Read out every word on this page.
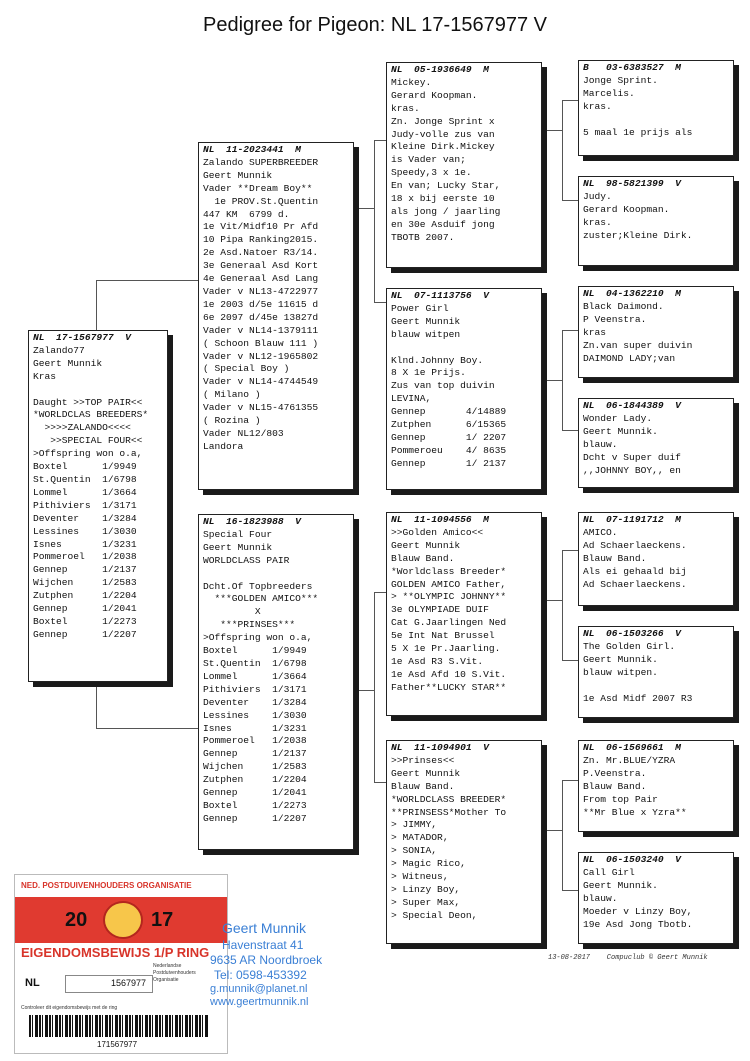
Pedigree for Pigeon: NL 17-1567977 V
NL  17-1567977  V
Zalando77
Geert Munnik
Kras

Daught >>TOP PAIR<<
*WORLDCLAS BREEDERS*
>>>>ZALANDO<<<<
>>SPECIAL FOUR<<
>Offspring won o.a,
Boxtel      1/9949
St.Quentin  1/6798
Lommel      1/3664
Pithiviers  1/3171
Deventer    1/3284
Lessines    1/3030
Isnes       1/3231
Pommeroel   1/2038
Gennep      1/2137
Wijchen     1/2583
Zutphen     1/2204
Gennep      1/2041
Boxtel      1/2273
Gennep      1/2207
NL  11-2023441  M
Zalando SUPERBREEDER
Geert Munnik
Vader **Dream Boy**
1e PROV.St.Quentin
447 KM  6799 d.
1e Vit/Midf10 Pr Afd
10 Pipa Ranking2015.
2e Asd.Natoer R3/14.
3e Generaal Asd Kort
4e Generaal Asd Lang
Vader v NL13-4722977
1e 2003 d/5e 11615 d
6e 2097 d/45e 13827d
Vader v NL14-1379111
( Schoon Blauw 111 )
Vader v NL12-1965802
( Special Boy )
Vader v NL14-4744549
( Milano )
Vader v NL15-4761355
( Rozina )
Vader NL12/803
Landora
NL  16-1823988  V
Special Four
Geert Munnik
WORLDCLASS PAIR

Dcht.Of Topbreeders
***GOLDEN AMICO***
X
***PRINSES***
>Offspring won o.a,
Boxtel      1/9949
St.Quentin  1/6798
Lommel      1/3664
Pithiviers  1/3171
Deventer    1/3284
Lessines    1/3030
Isnes       1/3231
Pommeroel   1/2038
Gennep      1/2137
Wijchen     1/2583
Zutphen     1/2204
Gennep      1/2041
Boxtel      1/2273
Gennep      1/2207
NL  05-1936649  M
Mickey.
Gerard Koopman.
kras.
Zn. Jonge Sprint x
Judy-volle zus van
Kleine Dirk.Mickey
is Vader van;
Speedy,3 x 1e.
En van; Lucky Star,
18 x bij eerste 10
als jong / jaarling
en 30e Asduif jong
TBOTB 2007.
NL  07-1113756  V
Power Girl
Geert Munnik
blauw witpen

Klnd.Johnny Boy.
8 X 1e Prijs.
Zus van top duivin
LEVINA,
Gennep       4/14889
Zutphen      6/15365
Gennep       1/ 2207
Pommeroeu    4/ 8635
Gennep       1/ 2137
NL  11-1094556  M
>>Golden Amico<<
Geert Munnik
Blauw Band.
*Worldclass Breeder*
GOLDEN AMICO Father,
> **OLYMPIC JOHNNY**
3e OLYMPIADE DUIF
Cat G.Jaarlingen Ned
5e Int Nat Brussel
5 X 1e Pr.Jaarling.
1e Asd R3 S.Vit.
1e Asd Afd 10 S.Vit.
Father**LUCKY STAR**
NL  11-1094901  V
>>Prinses<<
Geert Munnik
Blauw Band.
*WORLDCLASS BREEDER*
**PRINSESS*Mother To
> JIMMY,
> MATADOR,
> SONIA,
> Magic Rico,
> Witneus,
> Linzy Boy,
> Super Max,
> Special Deon,
B   03-6383527  M
Jonge Sprint.
Marcelis.
kras.

5 maal 1e prijs als
NL  98-5821399  V
Judy.
Gerard Koopman.
kras.
zuster;Kleine Dirk.
NL  04-1362210  M
Black Daimond.
P Veenstra.
kras
Zn.van super duivin
DAIMOND LADY;van
NL  06-1844389  V
Wonder Lady.
Geert Munnik.
blauw.
Dcht v Super duif
,,JOHNNY BOY,, en
NL  07-1191712  M
AMICO.
Ad Schaerlaeckens.
Blauw Band.
Als ei gehaald bij
Ad Schaerlaeckens.
NL  06-1503266  V
The Golden Girl.
Geert Munnik.
blauw witpen.

1e Asd Midf 2007 R3
NL  06-1569661  M
Zn. Mr.BLUE/YZRA
P.Veenstra.
Blauw Band.
From top Pair
**Mr Blue x Yzra**
NL  06-1503240  V
Call Girl
Geert Munnik.
blauw.
Moeder v Linzy Boy,
19e Asd Jong Tbotb.
13-08-2017    Compuclub © Geert Munnik
NED. POSTDUIVENHOUDERS ORGANISATIE
20	17
EIGENDOMSBEWIJS 1/P RING
NL	1567977
Nederlandse
Postduivenhouders
Organisatie
Controleer dit eigendomsbewijs met de ring
171567977
Geert Munnik
Havenstraat 41
9635 AR Noordbroek
Tel: 0598-453392
g.munnik@planet.nl
www.geertmunnik.nl
